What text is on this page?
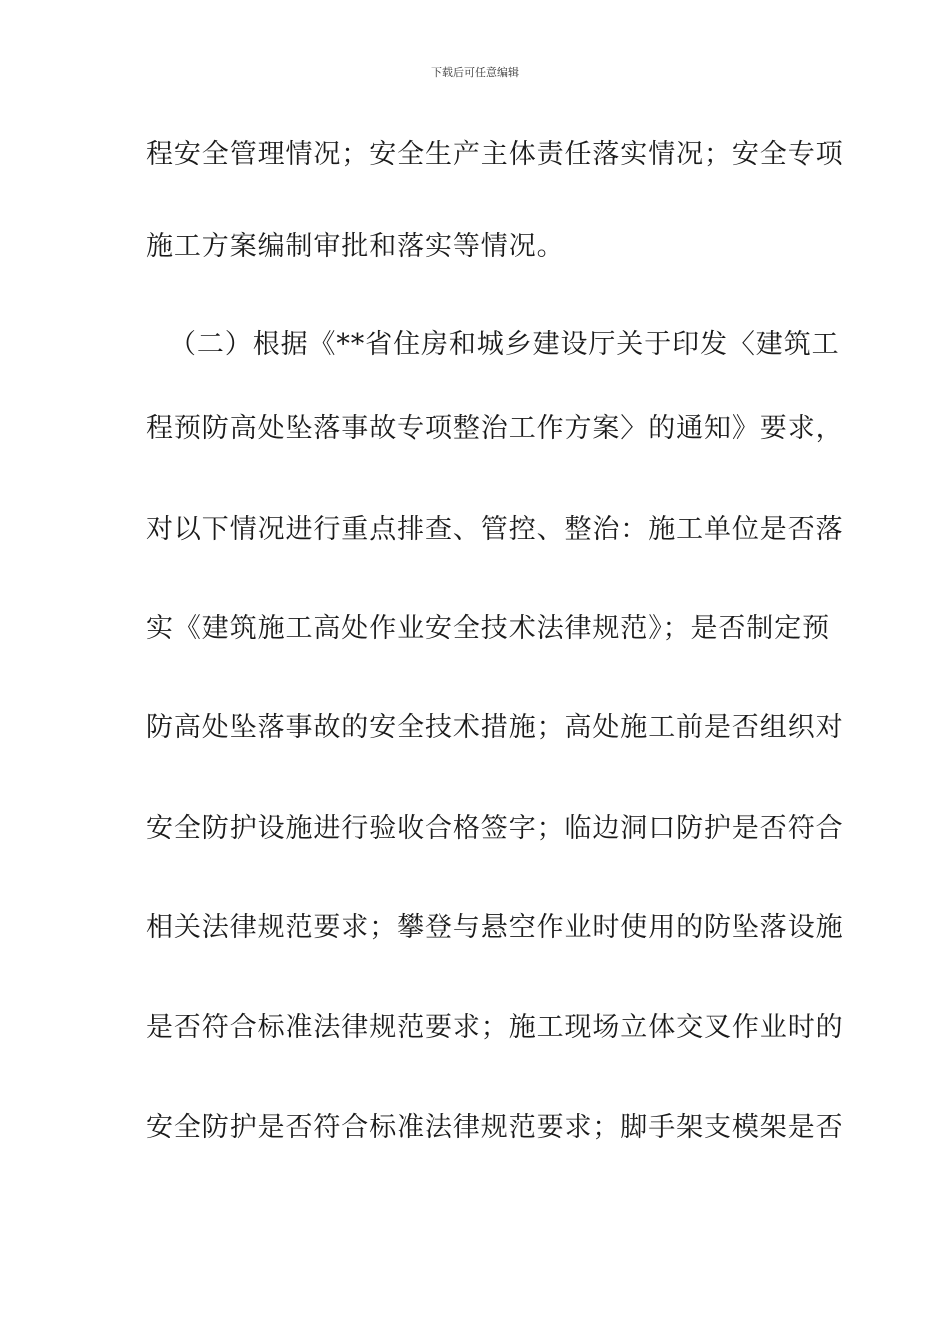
下载后可任意编辑
程安全管理情况；安全生产主体责任落实情况；安全专项
施工方案编制审批和落实等情况。
（二）根据《**省住房和城乡建设厅关于印发〈建筑工
程预防高处坠落事故专项整治工作方案〉的通知》要求，
对以下情况进行重点排查、管控、整治：施工单位是否落
实《建筑施工高处作业安全技术法律规范》；是否制定预
防高处坠落事故的安全技术措施；高处施工前是否组织对
安全防护设施进行验收合格签字；临边洞口防护是否符合
相关法律规范要求；攀登与悬空作业时使用的防坠落设施
是否符合标准法律规范要求；施工现场立体交叉作业时的
安全防护是否符合标准法律规范要求；脚手架支模架是否
